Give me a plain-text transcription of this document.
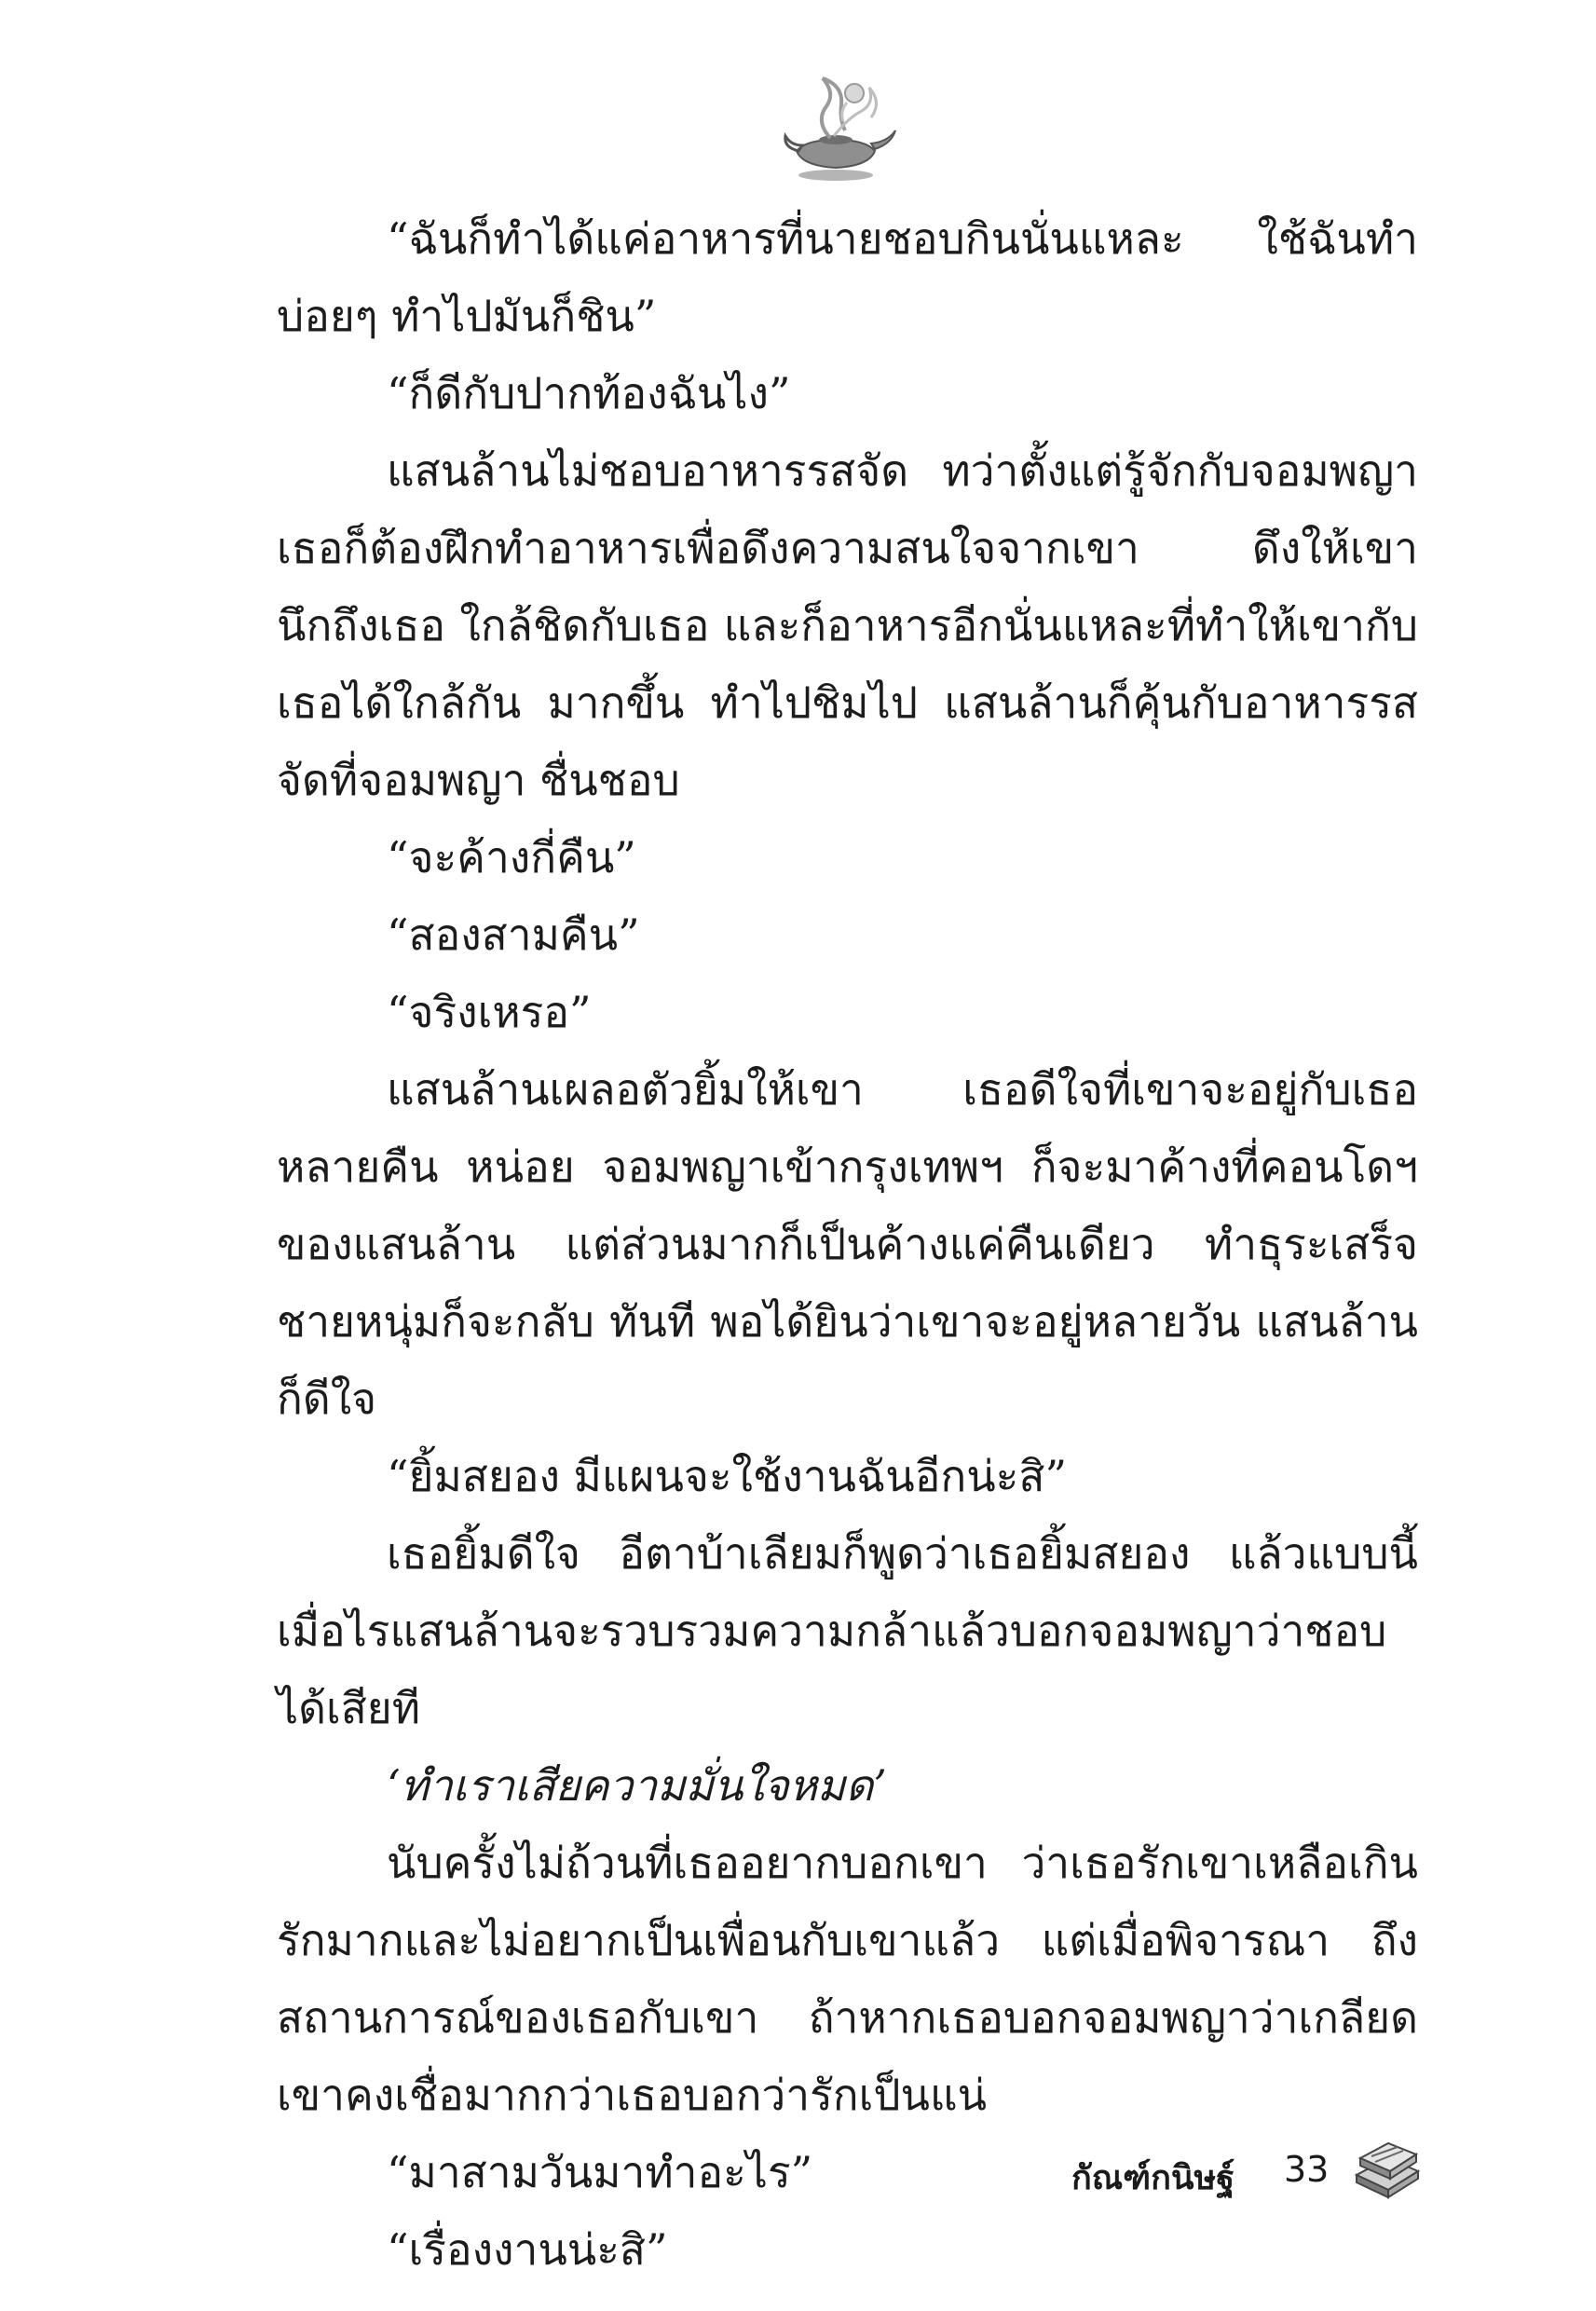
“ฉันก็ทำได้แค่อาหารที่นายชอบกินนั่นแหละ ใช้ฉันทำบ่อยๆ ทำไปมันก็ชิน”

“ก็ดีกับปากท้องฉันไง”

แสนล้านไม่ชอบอาหารรสจัด ทว่าตั้งแต่รู้จักกับจอมพญา เธอก็ต้องฝึกทำอาหารเพื่อดึงความสนใจจากเขา ดึงให้เขานึกถึงเธอ ใกล้ชิดกับเธอ และก็อาหารอีกนั่นแหละที่ทำให้เขากับเธอได้ใกล้กัน มากขึ้น ทำไปชิมไป แสนล้านก็คุ้นกับอาหารรสจัดที่จอมพญา ชื่นชอบ

“จะค้างกี่คืน”

“สองสามคืน”

“จริงเหรอ”

แสนล้านเผลอตัวยิ้มให้เขา เธอดีใจที่เขาจะอยู่กับเธอหลายคืน หน่อย จอมพญาเข้ากรุงเทพฯ ก็จะมาค้างที่คอนโดฯ ของแสนล้าน แต่ส่วนมากก็เป็นค้างแค่คืนเดียว ทำธุระเสร็จชายหนุ่มก็จะกลับ ทันที พอได้ยินว่าเขาจะอยู่หลายวัน แสนล้านก็ดีใจ

“ยิ้มสยอง มีแผนจะใช้งานฉันอีกน่ะสิ”

เธอยิ้มดีใจ อีตาบ้าเลียมก็พูดว่าเธอยิ้มสยอง แล้วแบบนี้ เมื่อไรแสนล้านจะรวบรวมความกล้าแล้วบอกจอมพญาว่าชอบ ได้เสียที

‘ทำเราเสียความมั่นใจหมด’

นับครั้งไม่ถ้วนที่เธออยากบอกเขา ว่าเธอรักเขาเหลือเกิน รักมากและไม่อยากเป็นเพื่อนกับเขาแล้ว แต่เมื่อพิจารณา ถึงสถานการณ์ของเธอกับเขา ถ้าหากเธอบอกจอมพญาว่าเกลียด เขาคงเชื่อมากกว่าเธอบอกว่ารักเป็นแน่

“มาสามวันมาทำอะไร”

“เรื่องงานน่ะสิ”

กัณฑ์กนิษฐ์ 33
